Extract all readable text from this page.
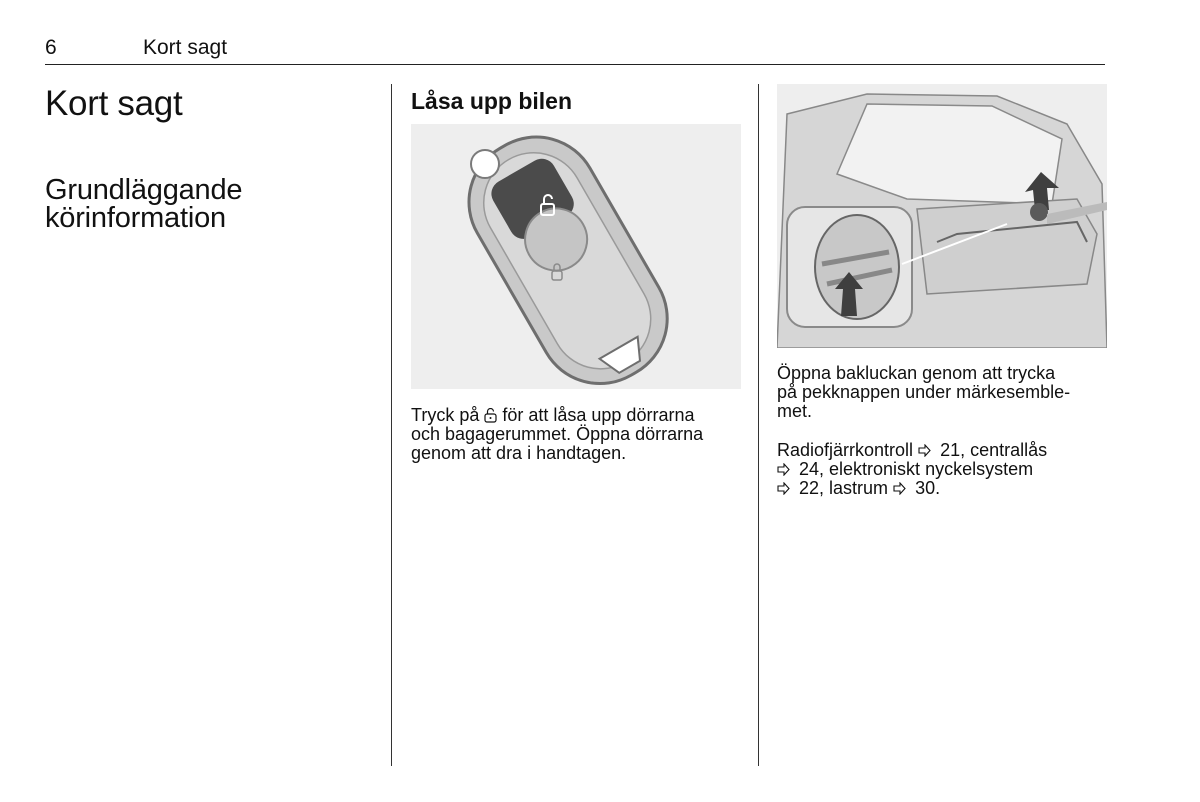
6	Kort sagt
Kort sagt
Grundläggande
körinformation
Låsa upp bilen

Tryck på  för att låsa upp dörrarna
och bagagerummet. Öppna dörrarna
genom att dra i handtagen.

Öppna bakluckan genom att trycka
på pekknappen under märkesemble-
met.

Radiofjärrkontroll  21, centrallås
24, elektroniskt nyckelsystem
22, lastrum  30.
